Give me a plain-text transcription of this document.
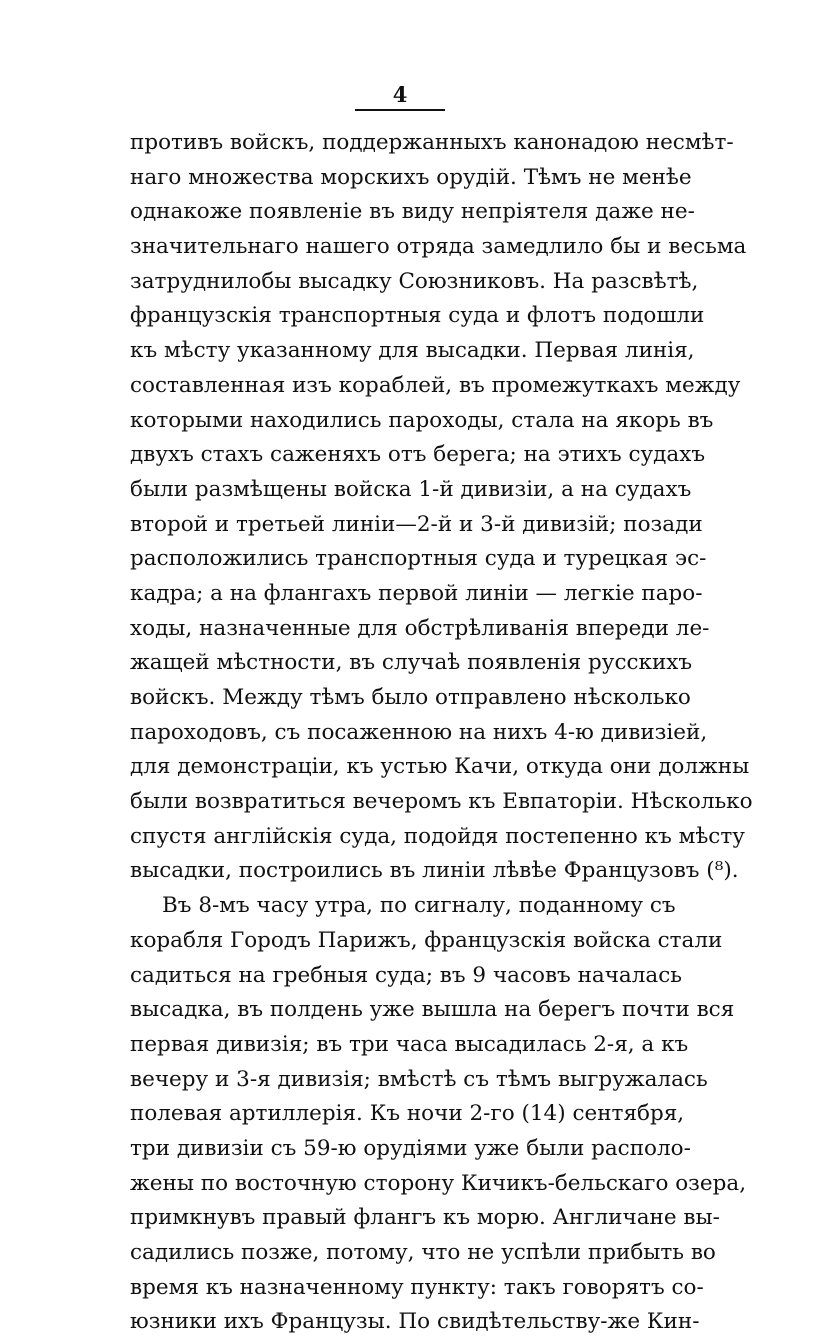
4
противъ войскъ, поддержанныхъ канонадою несмѣт-
наго множества морскихъ орудій. Тѣмъ не менѣе
однакоже появленіе въ виду непріятеля даже не-
значительнаго нашего отряда замедлило бы и весьма
затруднилобы высадку Союзниковъ. На разсвѣтѣ,
французскія транспортныя суда и флотъ подошли
къ мѣсту указанному для высадки. Первая линія,
составленная изъ кораблей, въ промежуткахъ между
которыми находились пароходы, стала на якорь въ
двухъ стахъ саженяхъ отъ берега; на этихъ судахъ
были размѣщены войска 1-й дивизіи, а на судахъ
второй и третьей линіи—2-й и 3-й дивизій; позади
расположились транспортныя суда и турецкая эс-
кадра; а на флангахъ первой линіи — легкіе паро-
ходы, назначенные для обстрѣливанія впереди ле-
жащей мѣстности, въ случаѣ появленія русскихъ
войскъ. Между тѣмъ было отправлено нѣсколько
пароходовъ, съ посаженною на нихъ 4-ю дивизіей,
для демонстраціи, къ устью Качи, откуда они должны
были возвратиться вечеромъ къ Евпаторіи. Нѣсколько
спустя англійскія суда, подойдя постепенно къ мѣсту
высадки, построились въ линіи лѣвѣе Французовъ (⁸).
Въ 8-мъ часу утра, по сигналу, поданному съ
корабля Городъ Парижъ, французскія войска стали
садиться на гребныя суда; въ 9 часовъ началась
высадка, въ полдень уже вышла на берегъ почти вся
первая дивизія; въ три часа высадилась 2-я, а къ
вечеру и 3-я дивизія; вмѣстѣ съ тѣмъ выгружалась
полевая артиллерія. Къ ночи 2-го (14) сентября,
три дивизіи съ 59-ю орудіями уже были располо-
жены по восточную сторону Кичикъ-бельскаго озера,
примкнувъ правый флангъ къ морю. Англичане вы-
садились позже, потому, что не успѣли прибыть во
время къ назначенному пункту: такъ говорятъ со-
юзники ихъ Французы. По свидѣтельству-же Кин-
